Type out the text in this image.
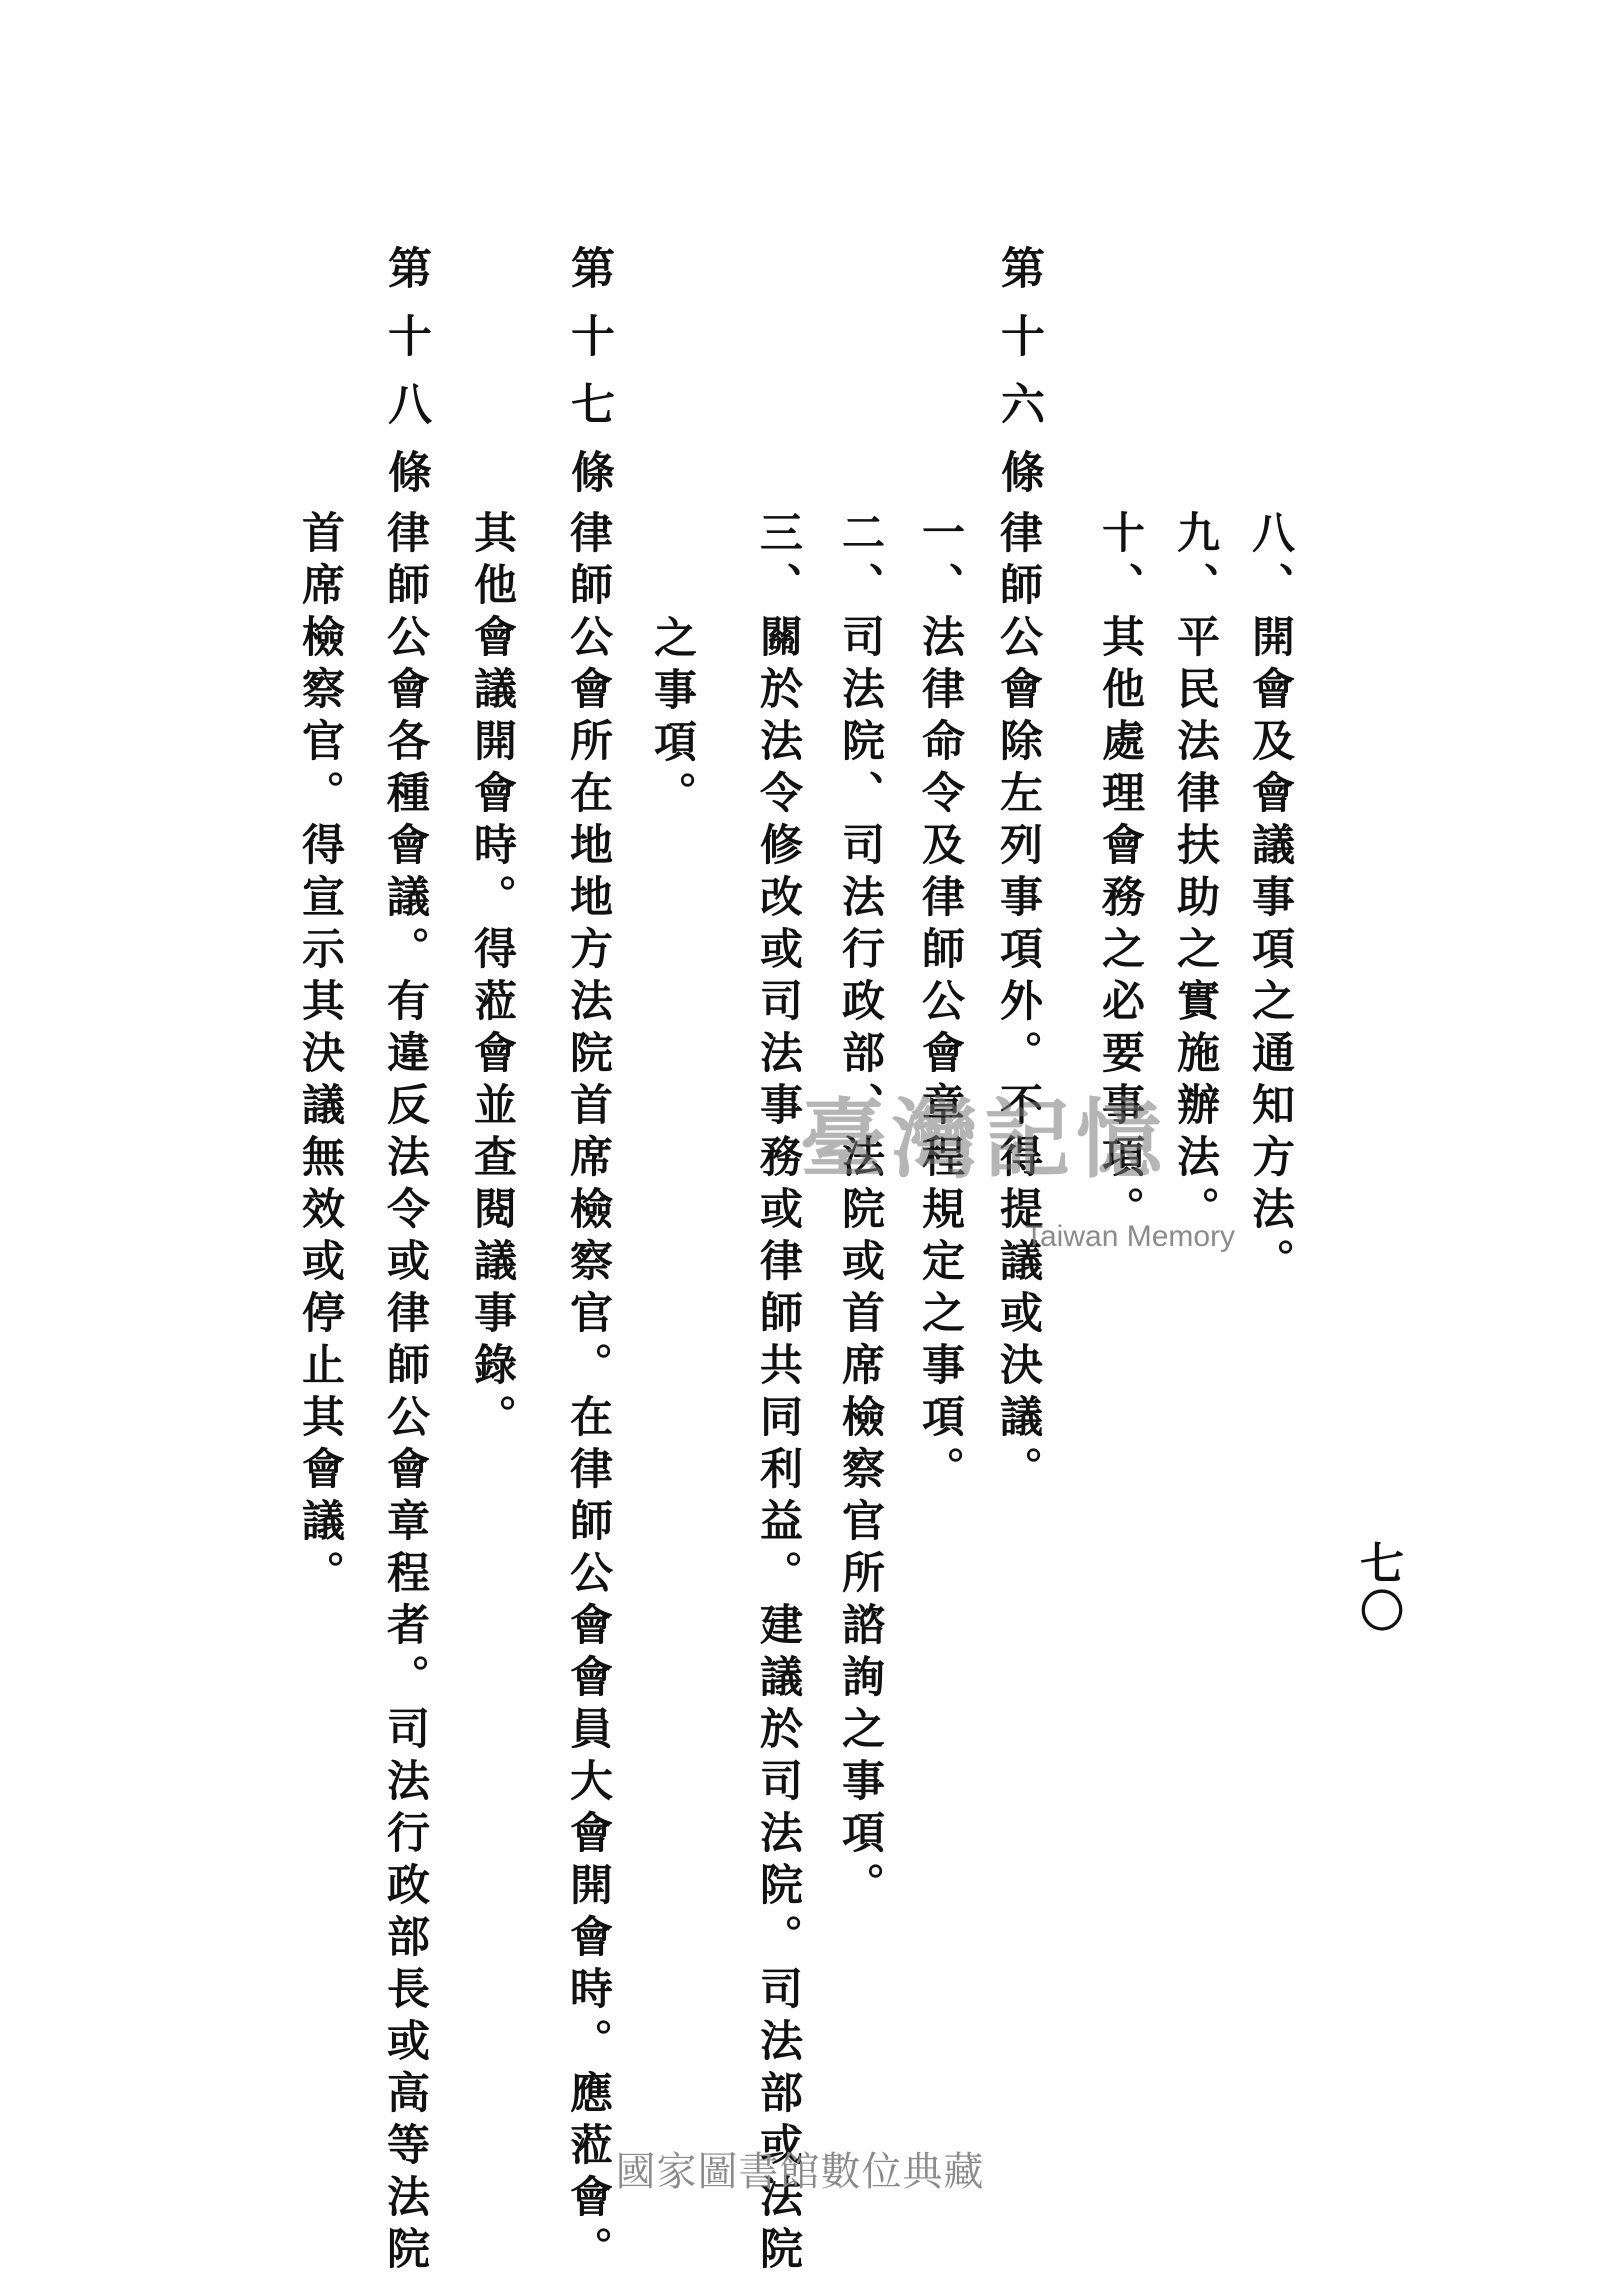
七〇
八、開會及會議事項之通知方法。
九、平民法律扶助之實施辦法。
十、其他處理會務之必要事項。
第十六條
律師公會除左列事項外。不得提議或決議。
一、法律命令及律師公會章程規定之事項。
二、司法院、司法行政部、法院或首席檢察官所諮詢之事項。
三、關於法令修改或司法事務或律師共同利益。建議於司法院。司法部或法院
之事項。
第十七條
律師公會所在地地方法院首席檢察官。在律師公會會員大會開會時。應蒞會。
其他會議開會時。得蒞會並查閱議事錄。
第十八條
律師公會各種會議。有違反法令或律師公會章程者。司法行政部長或高等法院
首席檢察官。得宣示其決議無效或停止其會議。	臺灣記憶
Taiwan Memory
國家圖書館數位典藏
